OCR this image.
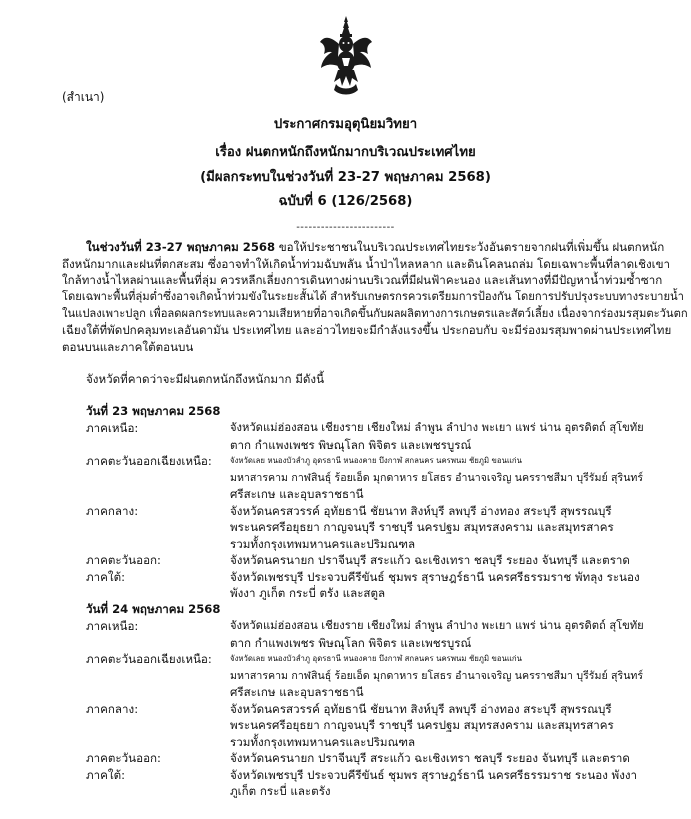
(สำเนา)
ประกาศกรมอุตุนิยมวิทยา
เรื่อง ฝนตกหนักถึงหนักมากบริเวณประเทศไทย
(มีผลกระทบในช่วงวันที่ 23-27 พฤษภาคม 2568)
ฉบับที่ 6 (126/2568)
------------------------
ในช่วงวันที่ 23-27 พฤษภาคม 2568 ขอให้ประชาชนในบริเวณประเทศไทยระวังอันตรายจากฝนที่เพิ่มขึ้น ฝนตกหนัก
ถึงหนักมากและฝนที่ตกสะสม ซึ่งอาจทำให้เกิดน้ำท่วมฉับพลัน น้ำป่าไหลหลาก และดินโคลนถล่ม โดยเฉพาะพื้นที่ลาดเชิงเขา
ใกล้ทางน้ำไหลผ่านและพื้นที่ลุ่ม ควรหลีกเลี่ยงการเดินทางผ่านบริเวณที่มีฝนฟ้าคะนอง และเส้นทางที่มีปัญหาน้ำท่วมซ้ำซาก
โดยเฉพาะพื้นที่ลุ่มต่ำซึ่งอาจเกิดน้ำท่วมขังในระยะสั้นได้ สำหรับเกษตรกรควรเตรียมการป้องกัน โดยการปรับปรุงระบบทางระบายน้ำ
ในแปลงเพาะปลูก เพื่อลดผลกระทบและความเสียหายที่อาจเกิดขึ้นกับผลผลิตทางการเกษตรและสัตว์เลี้ยง เนื่องจากร่องมรสุมตะวันตก
เฉียงใต้ที่พัดปกคลุมทะเลอันดามัน ประเทศไทย และอ่าวไทยจะมีกำลังแรงขึ้น ประกอบกับ จะมีร่องมรสุมพาดผ่านประเทศไทย
ตอนบนและภาคใต้ตอนบน
จังหวัดที่คาดว่าจะมีฝนตกหนักถึงหนักมาก มีดังนี้
วันที่ 23 พฤษภาคม 2568
ภาคเหนือ:	จังหวัดแม่ฮ่องสอน เชียงราย เชียงใหม่ ลำพูน ลำปาง พะเยา แพร่ น่าน อุตรดิตถ์ สุโขทัย
ตาก กำแพงเพชร พิษณุโลก พิจิตร และเพชรบูรณ์
ภาคตะวันออกเฉียงเหนือ:	จังหวัดเลย หนองบัวลำภู อุดรธานี หนองคาย บึงกาฬ สกลนคร นครพนม ชัยภูมิ ขอนแก่น
มหาสารคาม กาฬสินธุ์ ร้อยเอ็ด มุกดาหาร ยโสธร อำนาจเจริญ นครราชสีมา บุรีรัมย์ สุรินทร์
ศรีสะเกษ และอุบลราชธานี
ภาคกลาง:	จังหวัดนครสวรรค์ อุทัยธานี ชัยนาท สิงห์บุรี ลพบุรี อ่างทอง สระบุรี สุพรรณบุรี
พระนครศรีอยุธยา กาญจนบุรี ราชบุรี นครปฐม สมุทรสงคราม และสมุทรสาคร
รวมทั้งกรุงเทพมหานครและปริมณฑล
ภาคตะวันออก:	จังหวัดนครนายก ปราจีนบุรี สระแก้ว ฉะเชิงเทรา ชลบุรี ระยอง จันทบุรี และตราด
ภาคใต้:	จังหวัดเพชรบุรี ประจวบคีรีขันธ์ ชุมพร สุราษฎร์ธานี นครศรีธรรมราช พัทลุง ระนอง
พังงา ภูเก็ต กระบี่ ตรัง และสตูล
วันที่ 24 พฤษภาคม 2568
ภาคเหนือ:	จังหวัดแม่ฮ่องสอน เชียงราย เชียงใหม่ ลำพูน ลำปาง พะเยา แพร่ น่าน อุตรดิตถ์ สุโขทัย
ตาก กำแพงเพชร พิษณุโลก พิจิตร และเพชรบูรณ์
ภาคตะวันออกเฉียงเหนือ:	จังหวัดเลย หนองบัวลำภู อุดรธานี หนองคาย บึงกาฬ สกลนคร นครพนม ชัยภูมิ ขอนแก่น
มหาสารคาม กาฬสินธุ์ ร้อยเอ็ด มุกดาหาร ยโสธร อำนาจเจริญ นครราชสีมา บุรีรัมย์ สุรินทร์
ศรีสะเกษ และอุบลราชธานี
ภาคกลาง:	จังหวัดนครสวรรค์ อุทัยธานี ชัยนาท สิงห์บุรี ลพบุรี อ่างทอง สระบุรี สุพรรณบุรี
พระนครศรีอยุธยา กาญจนบุรี ราชบุรี นครปฐม สมุทรสงคราม และสมุทรสาคร
รวมทั้งกรุงเทพมหานครและปริมณฑล
ภาคตะวันออก:	จังหวัดนครนายก ปราจีนบุรี สระแก้ว ฉะเชิงเทรา ชลบุรี ระยอง จันทบุรี และตราด
ภาคใต้:	จังหวัดเพชรบุรี ประจวบคีรีขันธ์ ชุมพร สุราษฎร์ธานี นครศรีธรรมราช ระนอง พังงา
ภูเก็ต กระบี่ และตรัง
